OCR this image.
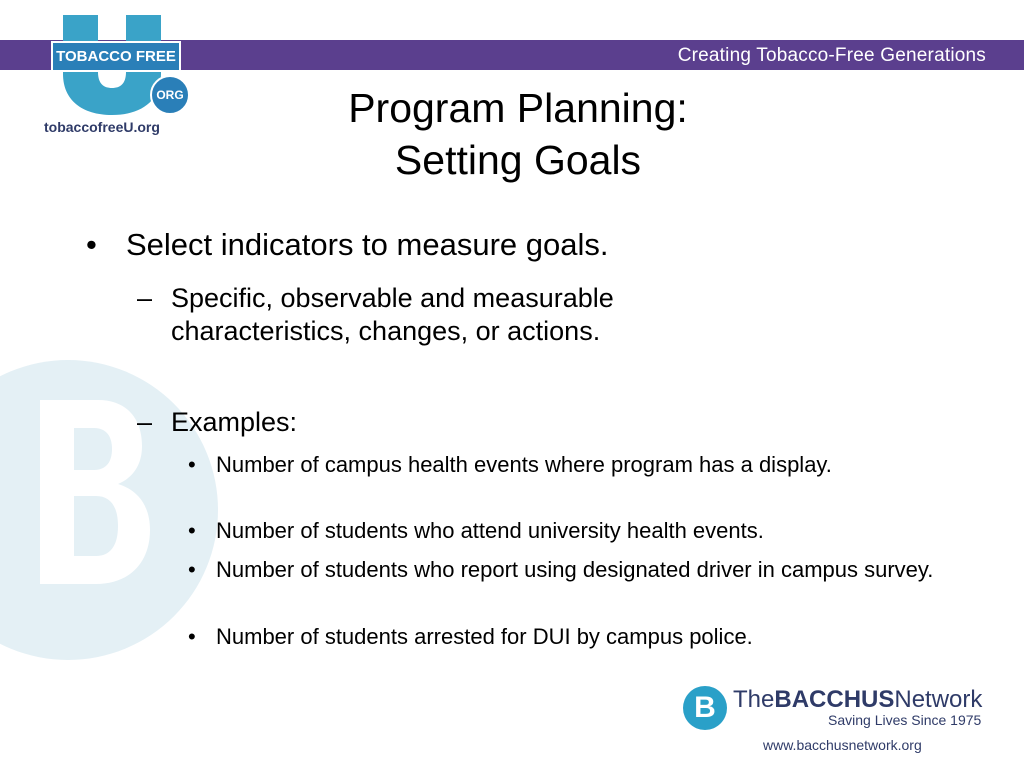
Creating Tobacco-Free Generations
TOBACCO FREE
ORG
tobaccofreeU.org	Program Planning:
Setting Goals
• Select indicators to measure goals.
– Specific, observable and measurable characteristics, changes, or actions.
– Examples:
• Number of campus health events where program has a display.
• Number of students who attend university health events.
• Number of students who report using designated driver in campus survey.
• Number of students arrested for DUI by campus police.
B TheBACCHUSNetwork
Saving Lives Since 1975
www.bacchusnetwork.org
